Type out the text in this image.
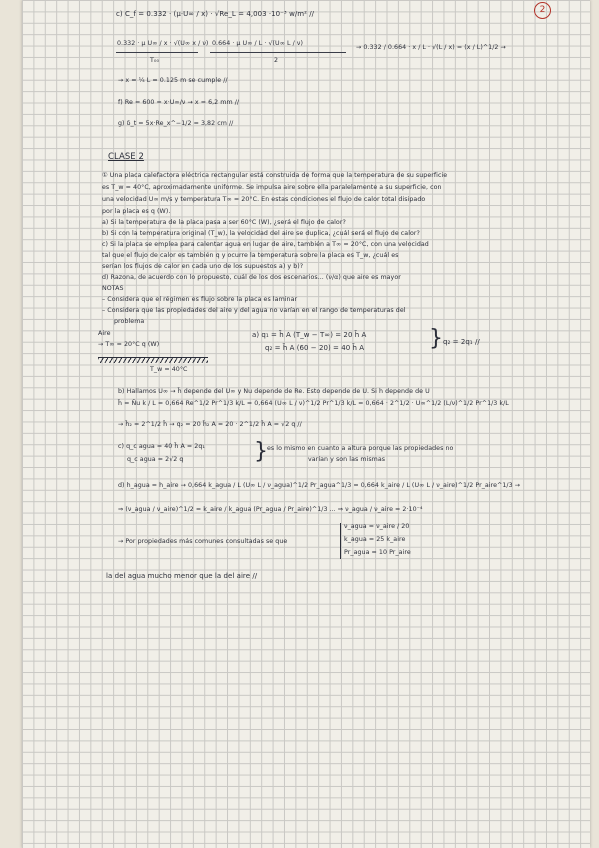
2
c) C_f = 0.332 · (μ·U∞ / x) · √Re_L = 4,003 ·10⁻³ w/m² //
0.332 · μ U∞ / x · √(U∞ x / ν)
T₀₀
0.664 · μ U∞ / L · √(U∞ L / ν)
2
→ 0.332 / 0.664 · x / L · √(L / x) = (x / L)^1/2 →
→ x = ¼ L = 0.125 m se cumple //
f) Re = 600 = x·U∞/ν → x = 6,2 mm //
g) δ_t = 5x·Re_x^−1/2 = 3,82 cm //
CLASE 2
① Una placa calefactora eléctrica rectangular está construida de forma que la temperatura de su superficie
es T_w = 40°C, aproximadamente uniforme. Se impulsa aire sobre ella paralelamente a su superficie, con
una velocidad U∞ m/s y temperatura T∞ = 20°C. En estas condiciones el flujo de calor total disipado
por la placa es q (W).
a) Si la temperatura de la placa pasa a ser 60°C (W), ¿será el flujo de calor?
b) Si con la temperatura original (T_w), la velocidad del aire se duplica, ¿cuál será el flujo de calor?
c) Si la placa se emplea para calentar agua en lugar de aire, también a T∞ = 20°C, con una velocidad
tal que el flujo de calor es también q y ocurre la temperatura sobre la placa es T_w, ¿cuál es
serían los flujos de calor en cada uno de los supuestos a) y b)?
d) Razona, de acuerdo con lo propuesto, cuál de los dos escenarios... (ν/α) que aire es mayor
NOTAS
– Considera que el régimen es flujo sobre la placa es laminar
– Considera que las propiedades del aire y del agua no varían en el rango de temperaturas del
problema
Aire
→ T∞ = 20°C q (W)
T_w = 40°C
a) q₁ = h̄ A (T_w − T∞) = 20 h̄ A
q₂ = h̄ A (60 − 20) = 40 h̄ A	} q₂ = 2q₁ //
b) Hallamos U∞ → h̄ depende del U∞ y Nu depende de Re. Esto depende de U. Si h depende de U
h̄ = N̄u k / L = 0,664 Re^1/2 Pr^1/3 k/L = 0,664 (U∞ L / ν)^1/2 Pr^1/3 k/L = 0,664 · 2^1/2 · U∞^1/2 (L/ν)^1/2 Pr^1/3 k/L
→ h̄₂ = 2^1/2 h̄ → q₂ = 20 h̄₂ A = 20 · 2^1/2 h̄ A = √2 q //
c) q_c agua = 40 h̄ A = 2q₁
q_c agua = 2√2 q	} es lo mismo en cuanto a altura porque las propiedades no
varían y son las mismas
d) h_agua = h_aire → 0,664 k_agua / L (U∞ L / ν_agua)^1/2 Pr_agua^1/3 = 0,664 k_aire / L (U∞ L / ν_aire)^1/2 Pr_aire^1/3 →
⇒ (ν_agua / ν_aire)^1/2 = k_aire / k_agua (Pr_agua / Pr_aire)^1/3 ... ⇒ ν_agua / ν_aire = 2·10⁻⁴
→ Por propiedades más comunes consultadas se que
ν_agua = ν_aire / 20
k_agua = 25 k_aire
Pr_agua = 10 Pr_aire
la del agua mucho menor que la del aire //
